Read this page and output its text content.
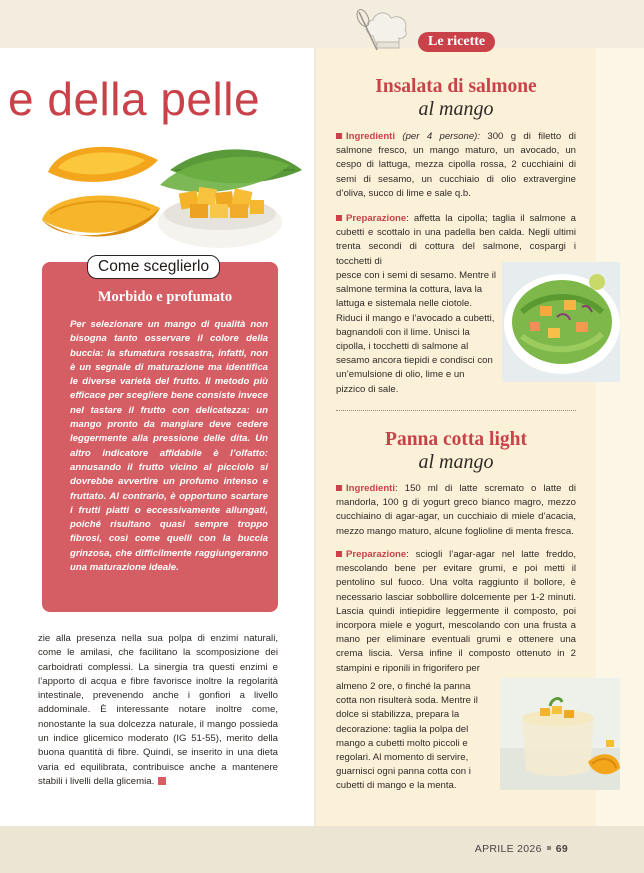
e della pelle
Come sceglierlo
Morbido e profumato
Per selezionare un mango di qualità non bisogna tanto osservare il colore della buccia: la sfumatura rossastra, infatti, non è un segnale di maturazione ma identifica le diverse varietà del frutto. Il metodo più efficace per scegliere bene consiste invece nel tastare il frutto con delicatezza: un mango pronto da mangiare deve cedere leggermente alla pressione delle dita. Un altro indicatore affidabile è l’olfatto: annusando il frutto vicino al picciolo si dovrebbe avvertire un profumo intenso e fruttato. Al contrario, è opportuno scartare i frutti piatti o eccessivamente allungati, poiché risultano quasi sempre troppo fibrosi, così come quelli con la buccia grinzosa, che difficilmente raggiungeranno una maturazione ideale.
zie alla presenza nella sua polpa di enzimi naturali, come le amilasi, che facilitano la scomposizione dei carboidrati complessi. La sinergia tra questi enzimi e l’apporto di acqua e fibre favorisce inoltre la regolarità intestinale, prevenendo anche i gonfiori a livello addominale. È interessante notare inoltre come, nonostante la sua dolcezza naturale, il mango possieda un indice glicemico moderato (IG 51-55), merito della buona quantità di fibre. Quindi, se inserito in una dieta varia ed equilibrata, contribuisce anche a mantenere stabili i livelli della glicemia.
Le ricette
Insalata di salmone
al mango
Ingredienti (per 4 persone): 300 g di filetto di salmone fresco, un mango maturo, un avocado, un cespo di lattuga, mezza cipolla rossa, 2 cucchiaini di semi di sesamo, un cucchiaio di olio extravergine d’oliva, succo di lime e sale q.b.
Preparazione: affetta la cipolla; taglia il salmone a cubetti e scottalo in una padella ben calda. Negli ultimi trenta secondi di cottura del salmone, cospargi i tocchetti di
pesce con i semi di sesamo. Mentre il salmone termina la cottura, lava la lattuga e sistemala nelle ciotole. Riduci il mango e l’avocado a cubetti, bagnandoli con il lime. Unisci la cipolla, i tocchetti di salmone al sesamo ancora tiepidi e condisci con un’emulsione di olio, lime e un pizzico di sale.
Panna cotta light
al mango
Ingredienti: 150 ml di latte scremato o latte di mandorla, 100 g di yogurt greco bianco magro, mezzo cucchiaino di agar-agar, un cucchiaio di miele d’acacia, mezzo mango maturo, alcune foglioline di menta fresca.
Preparazione: sciogli l’agar-agar nel latte freddo, mescolando bene per evitare grumi, e poi metti il pentolino sul fuoco. Una volta raggiunto il bollore, è necessario lasciar sobbollire dolcemente per 1-2 minuti. Lascia quindi intiepidire leggermente il composto, poi incorpora miele e yogurt, mescolando con una frusta a mano per eliminare eventuali grumi e ottenere una crema liscia. Versa infine il composto ottenuto in 2 stampini e riponili in frigorifero per
almeno 2 ore, o finché la panna cotta non risulterà soda. Mentre il dolce si stabilizza, prepara la decorazione: taglia la polpa del mango a cubetti molto piccoli e regolari. Al momento di servire, guarnisci ogni panna cotta con i cubetti di mango e la menta.
APRILE 2026 69
